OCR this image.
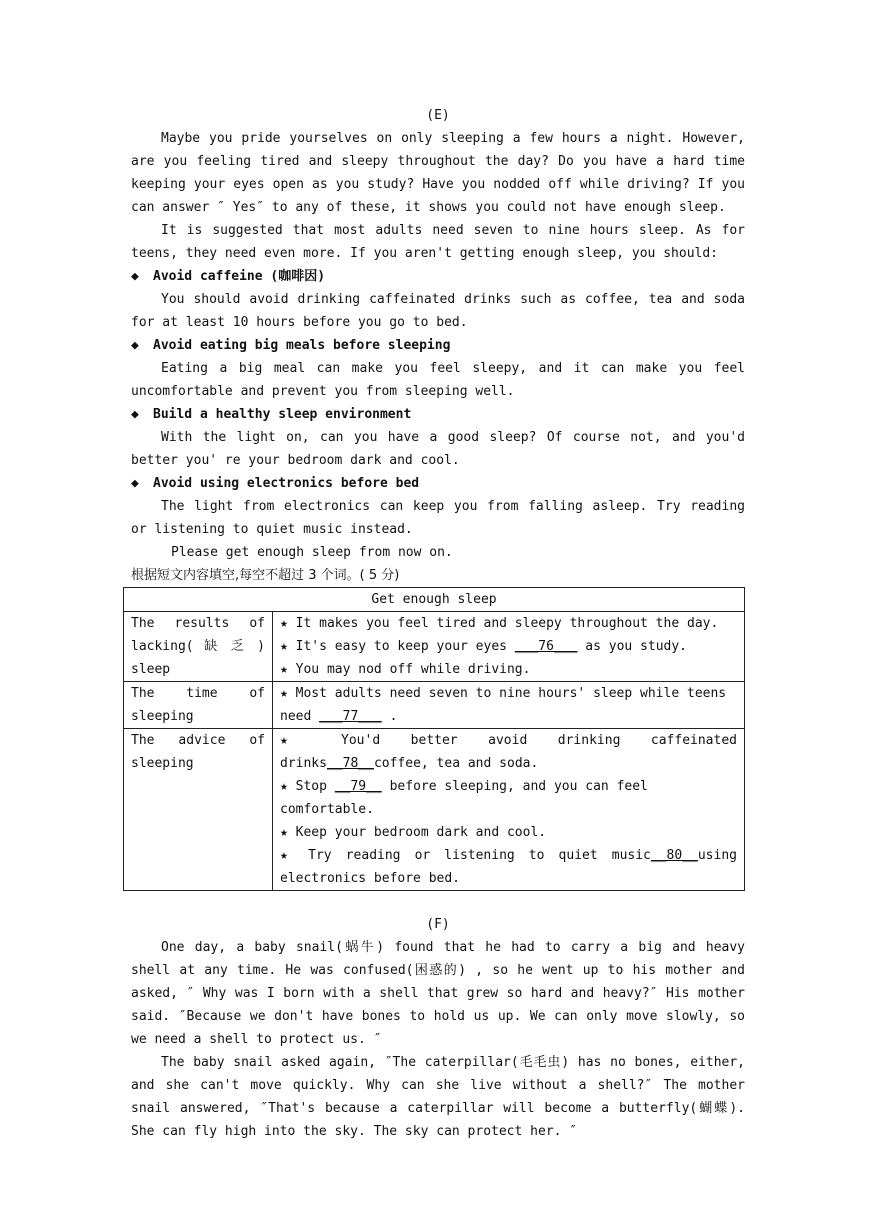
(E)

Maybe you pride yourselves on only sleeping a few hours a night. However, are you feeling tired and sleepy throughout the day? Do you have a hard time keeping your eyes open as you study? Have you nodded off while driving? If you can answer ″ Yes″ to any of these, it shows you could not have enough sleep.

It is suggested that most adults need seven to nine hours sleep. As for teens, they need even more. If you aren't getting enough sleep, you should:

◆ Avoid caffeine (咖啡因)

You should avoid drinking caffeinated drinks such as coffee, tea and soda for at least 10 hours before you go to bed.

◆ Avoid eating big meals before sleeping

Eating a big meal can make you feel sleepy, and it can make you feel uncomfortable and prevent you from sleeping well.

◆ Build a healthy sleep environment

With the light on, can you have a good sleep? Of course not, and you'd better you' re your bedroom dark and cool.

◆ Avoid using electronics before bed

The light from electronics can keep you from falling asleep. Try reading or listening to quiet music instead.

Please get enough sleep from now on.

根据短文内容填空,每空不超过 3 个词。( 5 分)

Get enough sleep	
The results of lacking( 缺 乏 ) sleep	★ It makes you feel tired and sleepy throughout the day.
★ It's easy to keep your eyes ___76___ as you study.
★ You may nod off while driving.

The time of sleeping	★ Most adults need seven to nine hours' sleep while teens need ___77___ .

The advice of sleeping	★ You'd better avoid drinking caffeinated drinks__78__coffee, tea and soda.
★ Stop __79__ before sleeping, and you can feel comfortable.
★ Keep your bedroom dark and cool.
★ Try reading or listening to quiet music__80__using electronics before bed.
(F)

One day, a baby snail(蜗牛) found that he had to carry a big and heavy shell at any time. He was confused(困惑的) , so he went up to his mother and asked, ″ Why was I born with a shell that grew so hard and heavy?″ His mother said. ″Because we don't have bones to hold us up. We can only move slowly, so we need a shell to protect us. ″

The baby snail asked again, ″The caterpillar(毛毛虫) has no bones, either, and she can't move quickly. Why can she live without a shell?″ The mother snail answered, ″That's because a caterpillar will become a butterfly(蝴蝶). She can fly high into the sky. The sky can protect her. ″
